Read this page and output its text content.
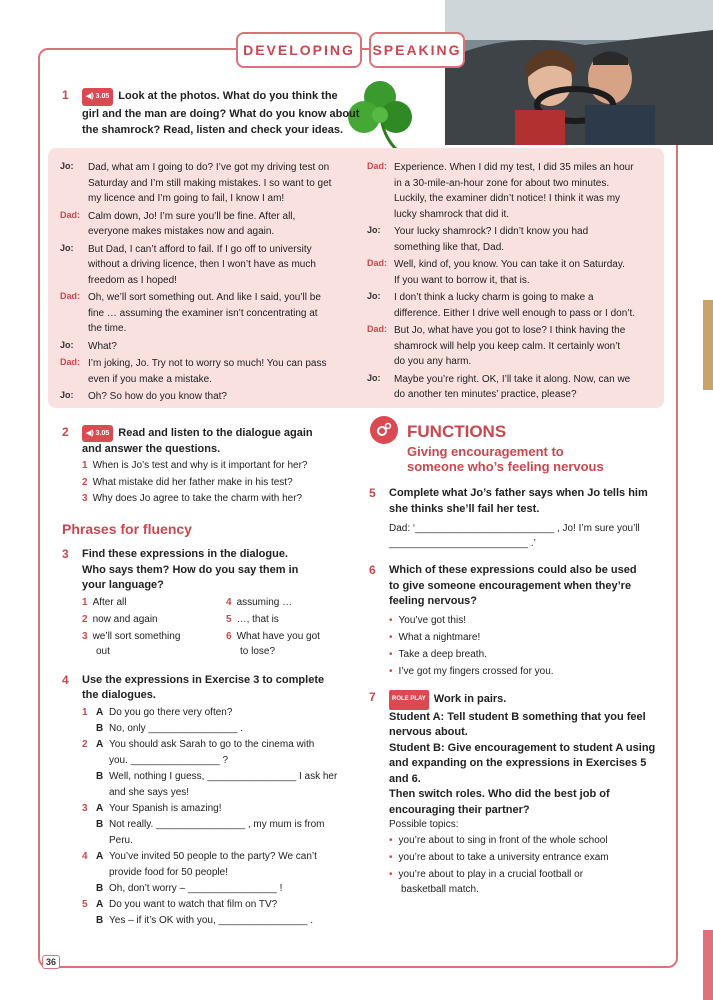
DEVELOPING	SPEAKING
1	◀) 3.05 Look at the photos. What do you think the
girl and the man are doing? What do you know about
the shamrock? Read, listen and check your ideas.
Jo: Dad, what am I going to do? I’ve got my driving test on
Saturday and I’m still making mistakes. I so want to get
my licence and I’m going to fail, I know I am!
Dad: Calm down, Jo! I’m sure you’ll be fine. After all,
everyone makes mistakes now and again.
Jo: But Dad, I can’t afford to fail. If I go off to university
without a driving licence, then I won’t have as much
freedom as I hoped!
Dad: Oh, we’ll sort something out. And like I said, you’ll be
fine … assuming the examiner isn’t concentrating at
the time.
Jo: What?
Dad: I’m joking, Jo. Try not to worry so much! You can pass
even if you make a mistake.
Jo: Oh? So how do you know that?
Dad: Experience. When I did my test, I did 35 miles an hour
in a 30-mile-an-hour zone for about two minutes.
Luckily, the examiner didn’t notice! I think it was my
lucky shamrock that did it.
Jo: Your lucky shamrock? I didn’t know you had
something like that, Dad.
Dad: Well, kind of, you know. You can take it on Saturday.
If you want to borrow it, that is.
Jo: I don’t think a lucky charm is going to make a
difference. Either I drive well enough to pass or I don’t.
Dad: But Jo, what have you got to lose? I think having the
shamrock will help you keep calm. It certainly won’t
do you any harm.
Jo: Maybe you’re right. OK, I’ll take it along. Now, can we
do another ten minutes’ practice, please?
2	◀) 3.05 Read and listen to the dialogue again
and answer the questions.
1 When is Jo’s test and why is it important for her?
2 What mistake did her father make in his test?
3 Why does Jo agree to take the charm with her?
Phrases for fluency
3 Find these expressions in the dialogue.
Who says them? How do you say them in
your language?
1 After all
2 now and again
3 we’ll sort something
out
4 assuming …
5 …, that is
6 What have you got
to lose?
4 Use the expressions in Exercise 3 to complete
the dialogues.
1 A Do you go there very often?
B No, only ________________ .
2 A You should ask Sarah to go to the cinema with
you. ________________ ?
B Well, nothing I guess, ________________ I ask her
and she says yes!
3 A Your Spanish is amazing!
B Not really. ________________ , my mum is from
Peru.
4 A You’ve invited 50 people to the party? We can’t
provide food for 50 people!
B Oh, don’t worry – ________________ !
5 A Do you want to watch that film on TV?
B Yes – if it’s OK with you, ________________ .
FUNCTIONS
Giving encouragement to
someone who’s feeling nervous
5 Complete what Jo’s father says when Jo tells him
she thinks she’ll fail her test.
Dad: ‘_________________________ , Jo! I’m sure you’ll
_________________________ .’
6 Which of these expressions could also be used
to give someone encouragement when they’re
feeling nervous?
• You’ve got this!
• What a nightmare!
• Take a deep breath.
• I’ve got my fingers crossed for you.
7	ROLE PLAY Work in pairs.
Student A: Tell student B something that you feel
nervous about.
Student B: Give encouragement to student A using
and expanding on the expressions in Exercises 5
and 6.
Then switch roles. Who did the best job of
encouraging their partner?
Possible topics:
• you’re about to sing in front of the whole school
• you’re about to take a university entrance exam
• you’re about to play in a crucial football or
basketball match.
36
